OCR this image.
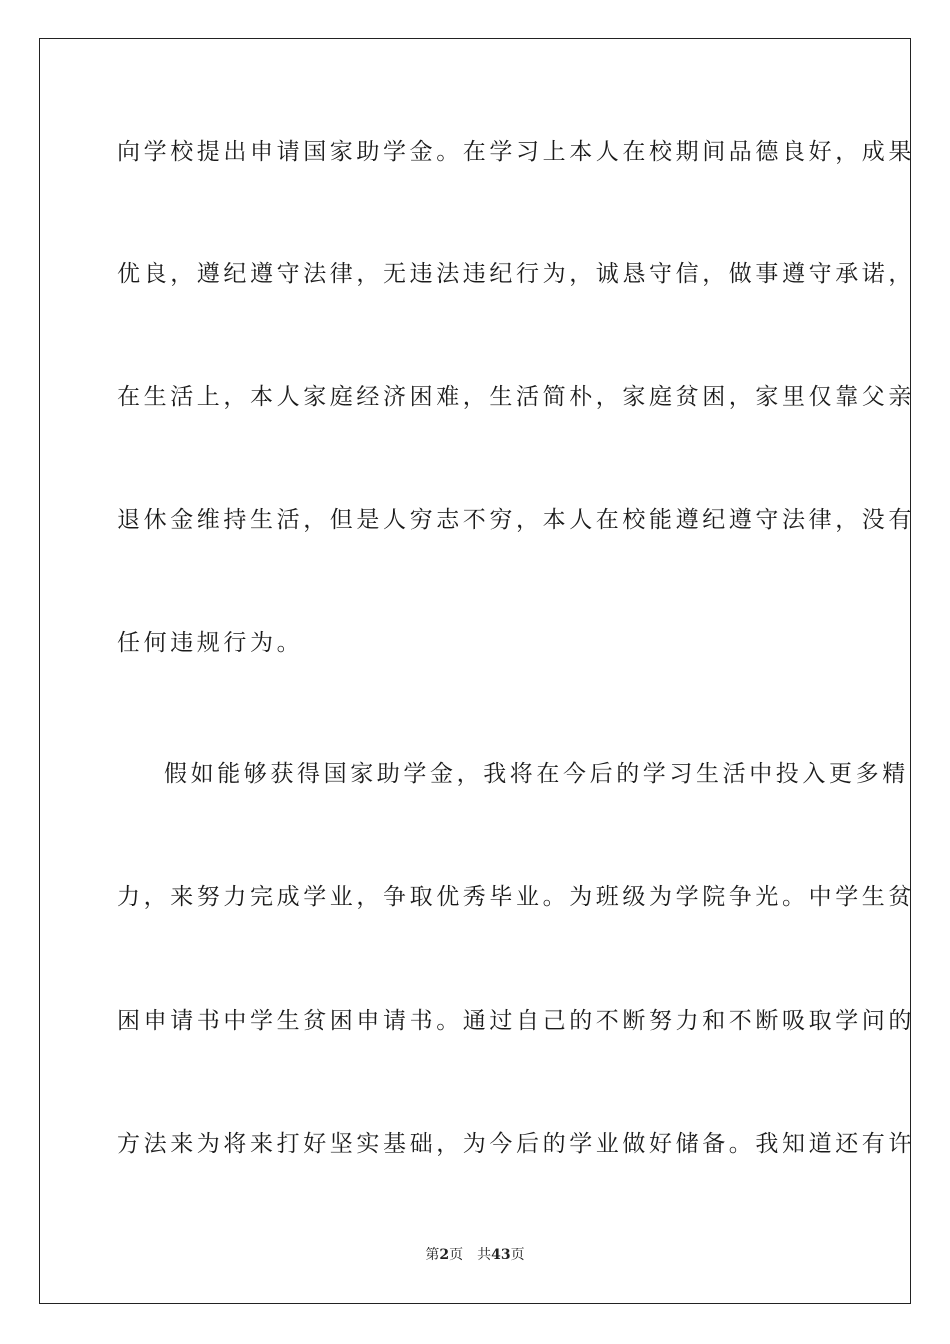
向学校提出申请国家助学金。在学习上本人在校期间品德良好，成果
优良，遵纪遵守法律，无违法违纪行为，诚恳守信，做事遵守承诺，
在生活上，本人家庭经济困难，生活简朴，家庭贫困，家里仅靠父亲
退休金维持生活，但是人穷志不穷，本人在校能遵纪遵守法律，没有
任何违规行为。
假如能够获得国家助学金，我将在今后的学习生活中投入更多精
力，来努力完成学业，争取优秀毕业。为班级为学院争光。中学生贫
困申请书中学生贫困申请书。通过自己的不断努力和不断吸取学问的
方法来为将来打好坚实基础，为今后的学业做好储备。我知道还有许
第2页 共43页
